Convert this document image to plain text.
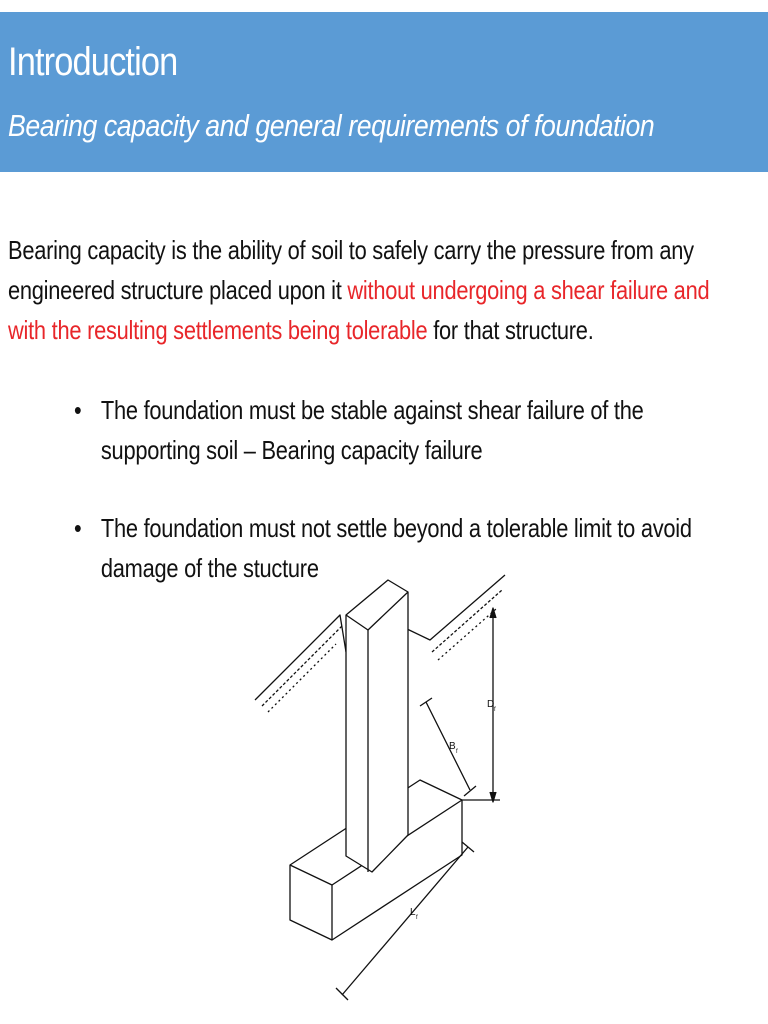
Introduction
Bearing capacity and general requirements of foundation
Bearing capacity is the ability of soil to safely carry the pressure from any engineered structure placed upon it without undergoing a shear failure and with the resulting settlements being tolerable for that structure.
• The foundation must be stable against shear failure of the supporting soil – Bearing capacity failure
• The foundation must not settle beyond a tolerable limit to avoid damage of the stucture
D f
B f
L f
